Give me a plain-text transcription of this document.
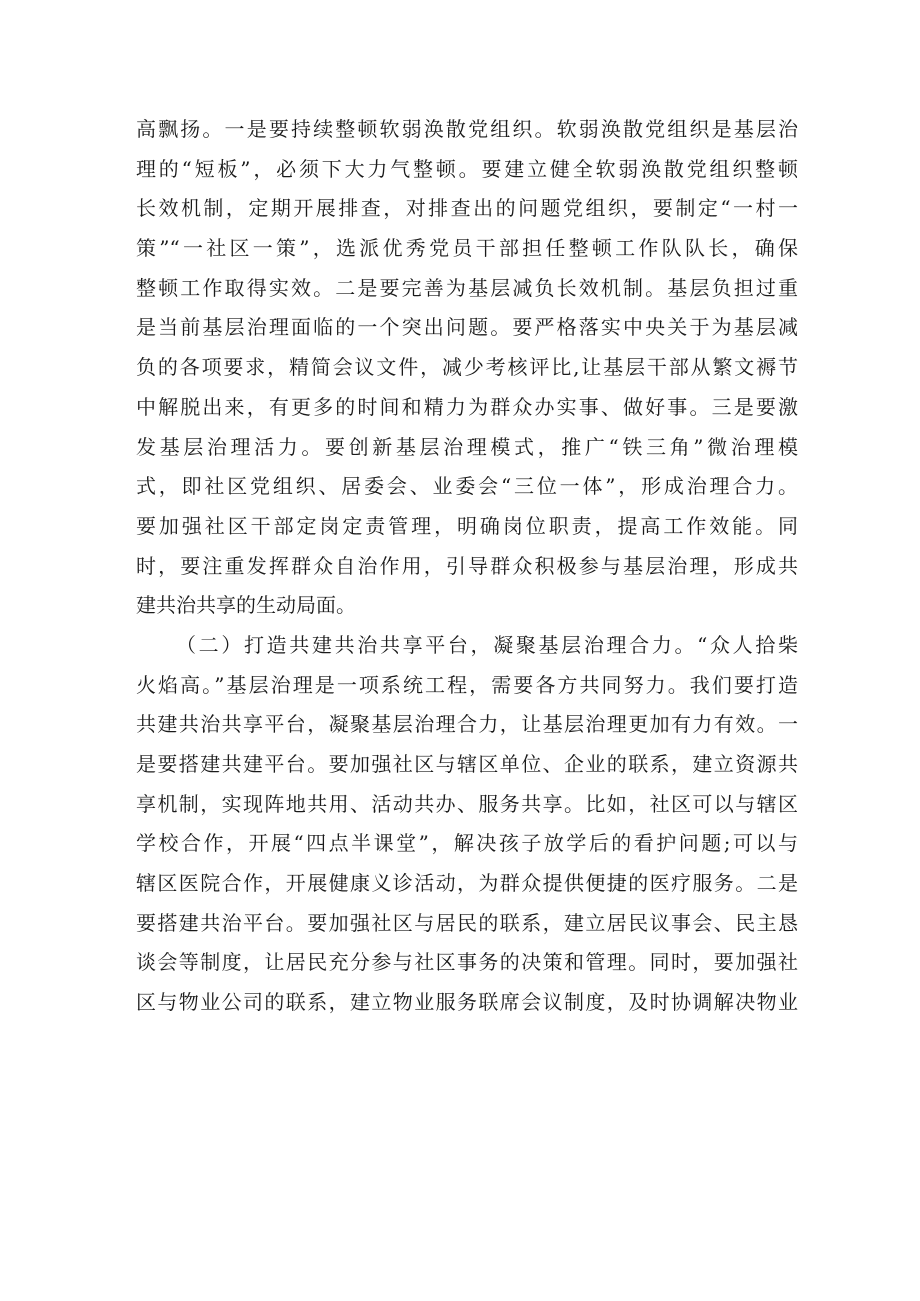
高飘扬。一是要持续整顿软弱涣散党组织。软弱涣散党组织是基层治
理的“短板”，必须下大力气整顿。要建立健全软弱涣散党组织整顿
长效机制，定期开展排查，对排查出的问题党组织，要制定“一村一
策”“一社区一策”，选派优秀党员干部担任整顿工作队队长，确保
整顿工作取得实效。二是要完善为基层减负长效机制。基层负担过重
是当前基层治理面临的一个突出问题。要严格落实中央关于为基层减
负的各项要求，精简会议文件，减少考核评比,让基层干部从繁文褥节
中解脱出来，有更多的时间和精力为群众办实事、做好事。三是要激
发基层治理活力。要创新基层治理模式，推广“铁三角”微治理模
式，即社区党组织、居委会、业委会“三位一体”，形成治理合力。
要加强社区干部定岗定责管理，明确岗位职责，提高工作效能。同
时，要注重发挥群众自治作用，引导群众积极参与基层治理，形成共
建共治共享的生动局面。
（二）打造共建共治共享平台，凝聚基层治理合力。“众人拾柴
火焰高。”基层治理是一项系统工程，需要各方共同努力。我们要打造
共建共治共享平台，凝聚基层治理合力，让基层治理更加有力有效。一
是要搭建共建平台。要加强社区与辖区单位、企业的联系，建立资源共
享机制，实现阵地共用、活动共办、服务共享。比如，社区可以与辖区
学校合作，开展“四点半课堂”，解决孩子放学后的看护问题;可以与
辖区医院合作，开展健康义诊活动，为群众提供便捷的医疗服务。二是
要搭建共治平台。要加强社区与居民的联系，建立居民议事会、民主恳
谈会等制度，让居民充分参与社区事务的决策和管理。同时，要加强社
区与物业公司的联系，建立物业服务联席会议制度，及时协调解决物业
